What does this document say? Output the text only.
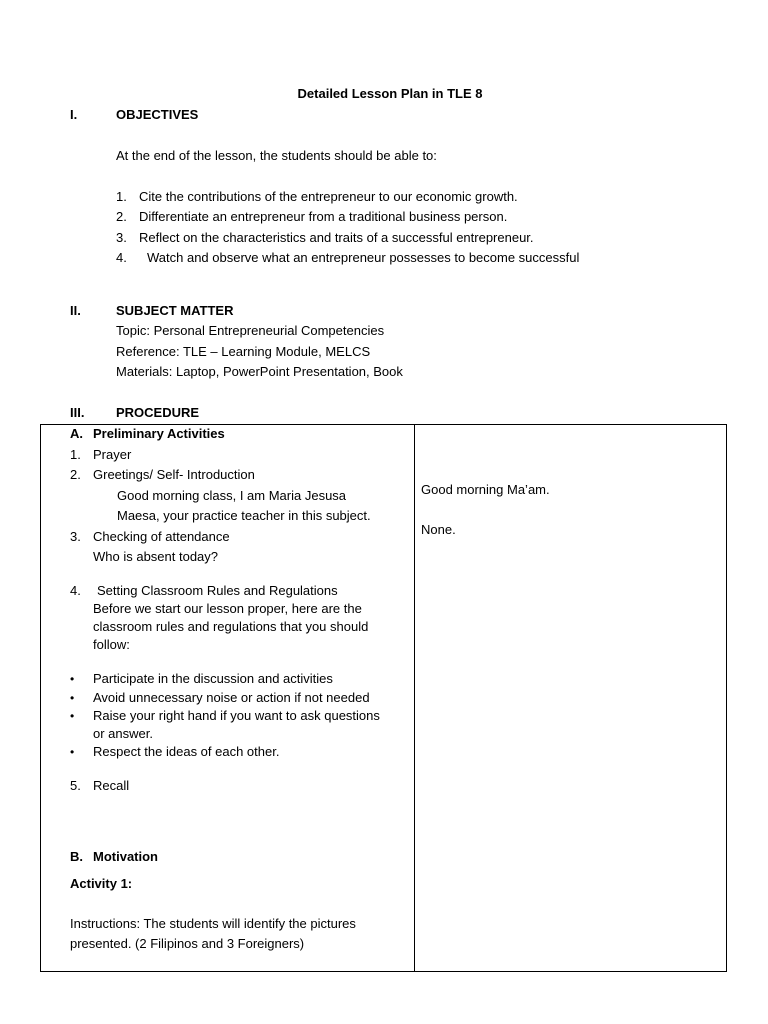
Detailed Lesson Plan in TLE 8
I.	OBJECTIVES
At the end of the lesson, the students should be able to:
1. Cite the contributions of the entrepreneur to our economic growth.
2. Differentiate an entrepreneur from a traditional business person.
3. Reflect on the characteristics and traits of a successful entrepreneur.
4. Watch and observe what an entrepreneur possesses to become successful
II.	SUBJECT MATTER
Topic: Personal Entrepreneurial Competencies
Reference: TLE – Learning Module, MELCS
Materials: Laptop, PowerPoint Presentation, Book
III. PROCEDURE
A. Preliminary Activities
1. Prayer
2. Greetings/ Self- Introduction
Good morning class, I am Maria Jesusa
Maesa, your practice teacher in this subject.
3. Checking of attendance
Who is absent today?
4. Setting Classroom Rules and Regulations
Before we start our lesson proper, here are the
classroom rules and regulations that you should
follow:
• Participate in the discussion and activities
• Avoid unnecessary noise or action if not needed
• Raise your right hand if you want to ask questions
or answer.
• Respect the ideas of each other.
5. Recall
B. Motivation
Activity 1:
Instructions: The students will identify the pictures
presented. (2 Filipinos and 3 Foreigners)
Good morning Ma’am.
None.
